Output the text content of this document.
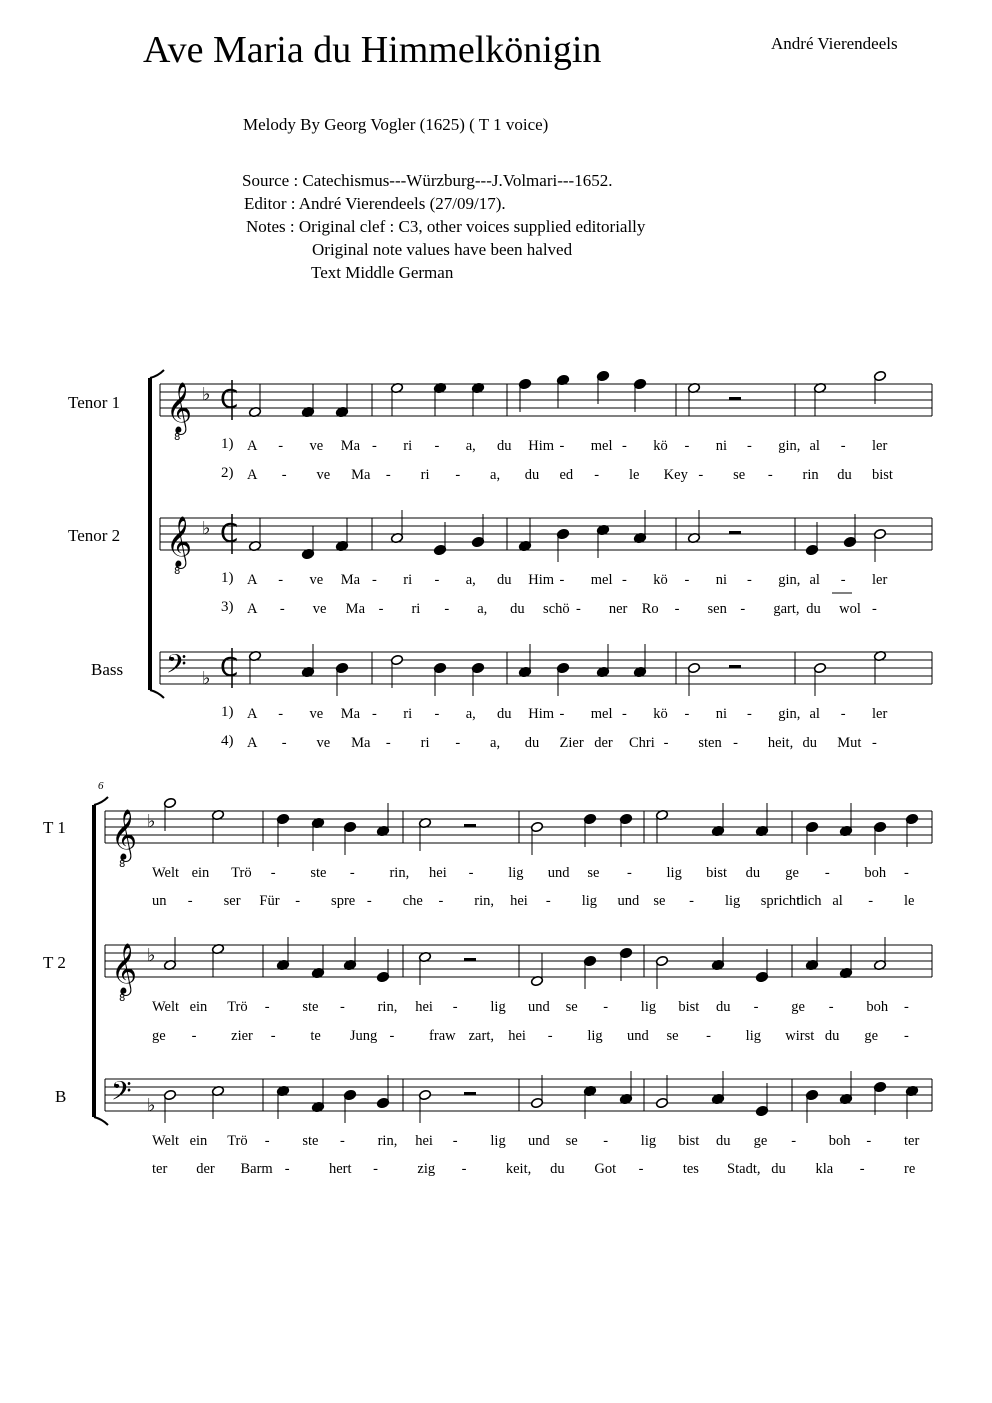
Ave Maria du Himmelkönigin	André Vierendeels
Melody By Georg Vogler (1625) ( T 1 voice)
Source : Catechismus---Würzburg---J.Volmari---1652.
Editor : André Vierendeels (27/09/17).
Notes : Original clef : C3, other voices supplied editorially
Original note values have been halved
Text Middle German
Tenor 1
Tenor 2
Bass
T 1
T 2
B
1)
2)
1)
3)
1)
4)
6
A - ve Ma - ri - a, du Him - mel - kö - ni - gin, al - ler
A - ve Ma - ri - a, du ed - le Key - se - rin du bist
A - ve Ma - ri - a, du Him - mel - kö - ni - gin, al - ler
A - ve Ma - ri - a, du schö - ner Ro - sen - gart, du wol -
A - ve Ma - ri - a, du Him - mel - kö - ni - gin, al - ler
A - ve Ma - ri - a, du Zier der Chri - sten - heit, du Mut -
Welt ein Trö - ste - rin, hei - lig und se - lig bist du ge - boh -
un - ser Für - spre - che - rin, hei - lig und se - lig spricht
dich al - le
Welt ein Trö - ste - rin, hei - lig und se - lig bist du - ge - boh -
ge - zier - te Jung - fraw zart, hei - lig und se - lig wirst du ge -
Welt ein Trö - ste - rin, hei - lig und se - lig bist du ge - boh - ter
ter der Barm -	hert -	zig -	keit, du Got -	tes Stadt, du kla -	re
𝄞
8
♭ C
𝄞
8
♭ C
𝄢 ♭ C
𝄞
8
♭
𝄞
8
♭
𝄢 ♭
